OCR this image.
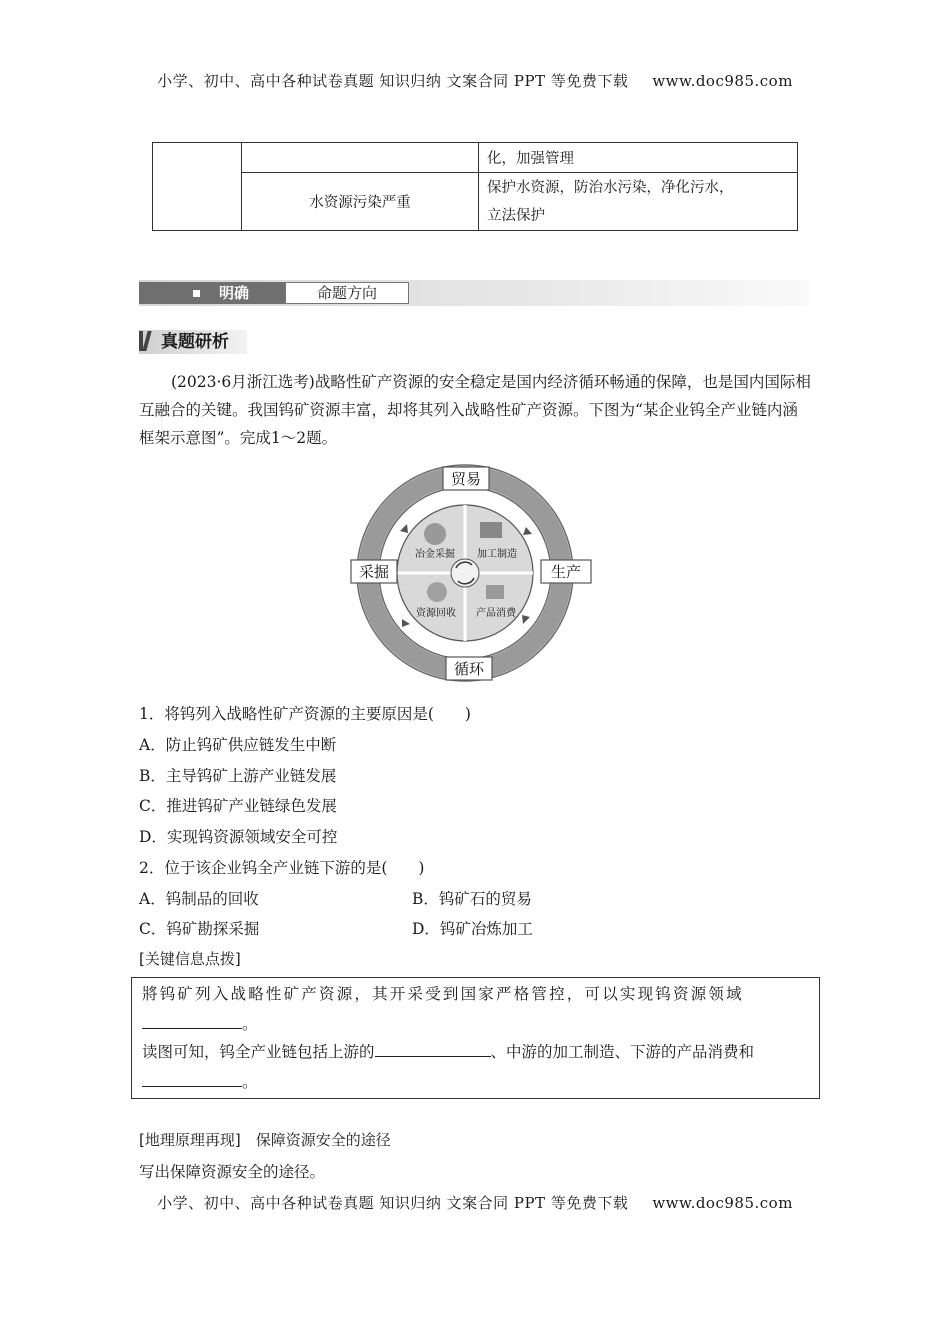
小学、初中、高中各种试卷真题 知识归纳 文案合同 PPT 等免费下载 www.doc985.com
		化，加强管理
	水资源污染严重	保护水资源，防治水污染，净化污水，
立法保护
明确	命题方向
真题研析
(2023·6月浙江选考)战略性矿产资源的安全稳定是国内经济循环畅通的保障，也是国内国际相互融合的关键。我国钨矿资源丰富，却将其列入战略性矿产资源。下图为“某企业钨全产业链内涵框架示意图”。完成1～2题。
冶金采掘 加工制造
资源回收 产品消费
贸易
采掘	生产
循环
1．将钨列入战略性矿产资源的主要原因是(　　)
A．防止钨矿供应链发生中断
B．主导钨矿上游产业链发展
C．推进钨矿产业链绿色发展
D．实现钨资源领域安全可控
2．位于该企业钨全产业链下游的是(　　)
A．钨制品的回收	B．钨矿石的贸易
C．钨矿勘探采掘	D．钨矿冶炼加工
[关键信息点拨]
將钨矿列入战略性矿产资源，其开采受到国家严格管控，可以实现钨资源领域
。
读图可知，钨全产业链包括上游的	、中游的加工制造、下游的产品消费和
。
[地理原理再现]　保障资源安全的途径
写出保障资源安全的途径。
小学、初中、高中各种试卷真题 知识归纳 文案合同 PPT 等免费下载 www.doc985.com
